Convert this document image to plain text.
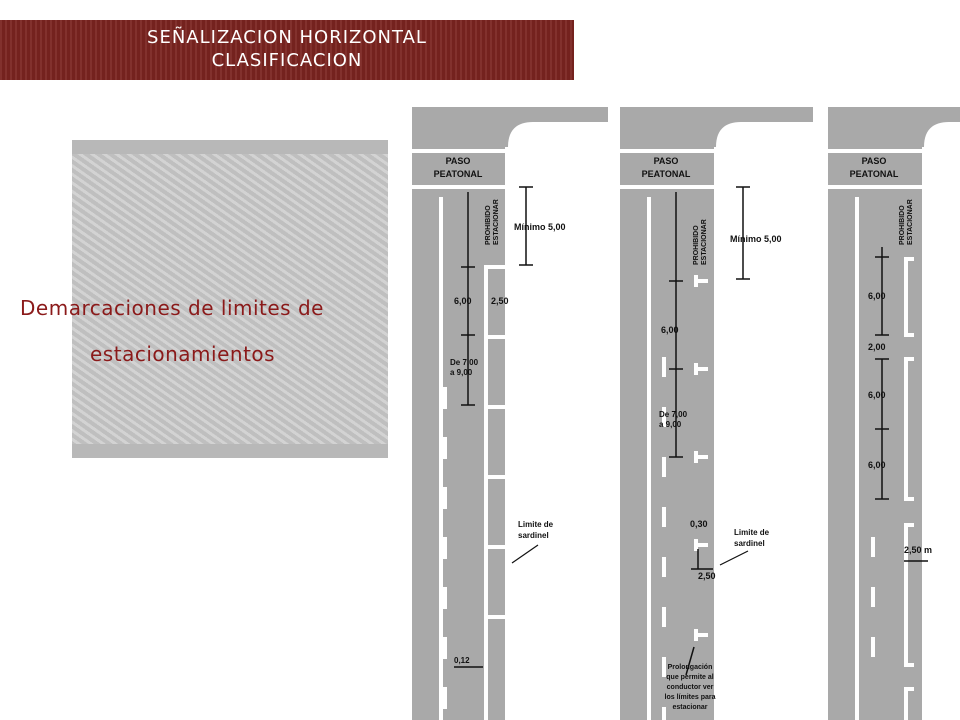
SEÑALIZACION HORIZONTAL
CLASIFICACION
Demarcaciones de limites de
estacionamientos
PASO
PEATONAL
PROHIBIDO ESTACIONAR Mínimo 5,00
6,00 2,50
De 7,00
a 9,00
Limite de
sardinel
0,12
PASO
PEATONAL
PROHIBIDO ESTACIONAR Mínimo 5,00
6,00
De 7,00
a 9,00
0,30
2,50
Limite de
sardinel
Prolongación
que permite al
conductor ver
los límites para
estacionar
PASO
PEATONAL
PROHIBIDO ESTACIONAR
6,00
2,00
6,00
6,00
2,50 m
